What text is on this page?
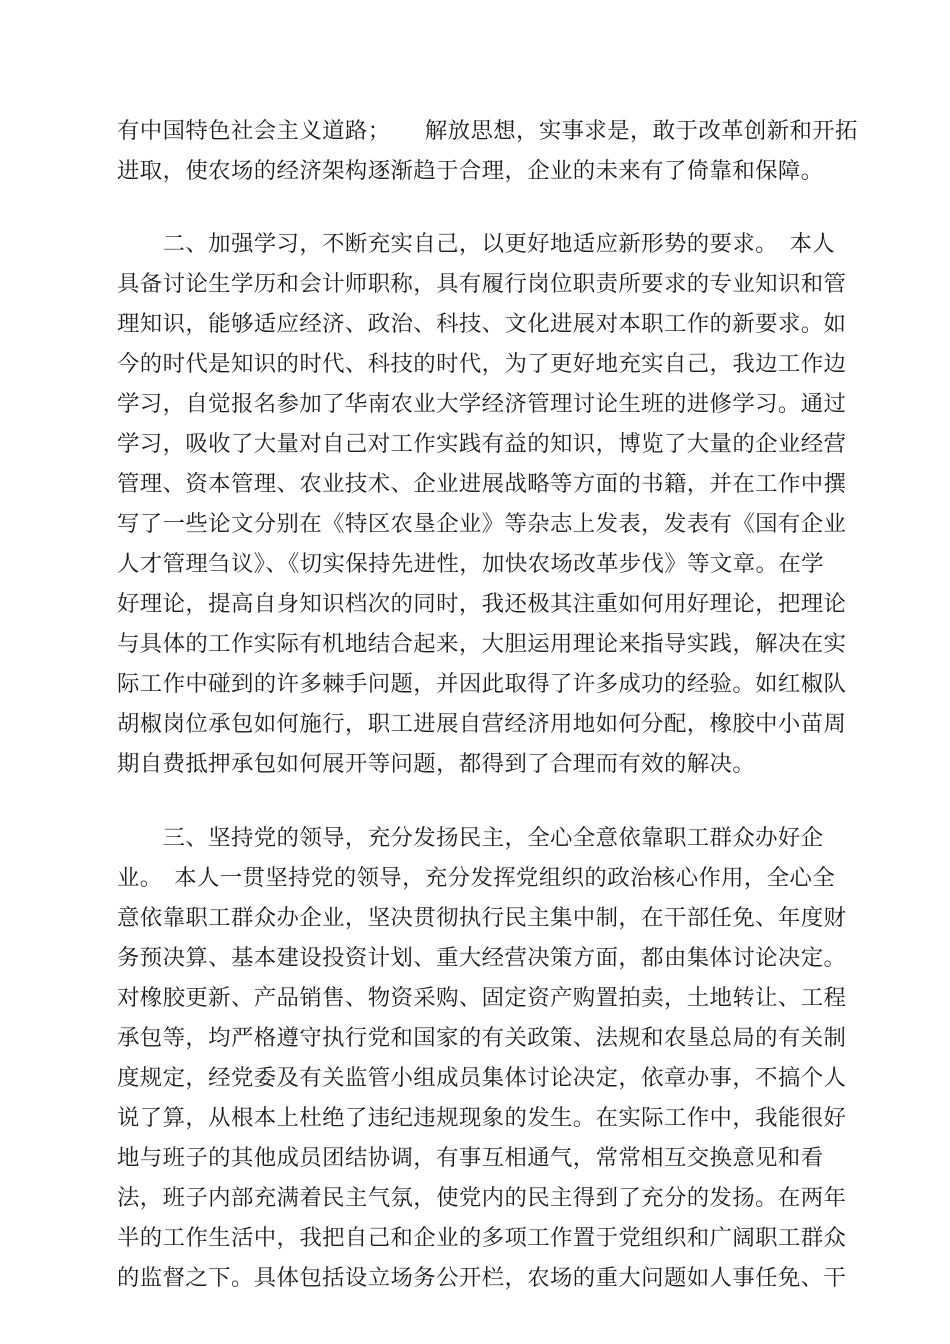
有中国特色社会主义道路；　　解放思想，实事求是，敢于改革创新和开拓
进取，使农场的经济架构逐渐趋于合理，企业的未来有了倚靠和保障。
　　二、加强学习，不断充实自己，以更好地适应新形势的要求。　本人
具备讨论生学历和会计师职称，具有履行岗位职责所要求的专业知识和管
理知识，能够适应经济、政治、科技、文化进展对本职工作的新要求。如
今的时代是知识的时代、科技的时代，为了更好地充实自己，我边工作边
学习，自觉报名参加了华南农业大学经济管理讨论生班的进修学习。通过
学习，吸收了大量对自己对工作实践有益的知识，博览了大量的企业经营
管理、资本管理、农业技术、企业进展战略等方面的书籍，并在工作中撰
写了一些论文分别在《特区农垦企业》等杂志上发表，发表有《国有企业
人才管理刍议》、《切实保持先进性，加快农场改革步伐》等文章。在学
好理论，提高自身知识档次的同时，我还极其注重如何用好理论，把理论
与具体的工作实际有机地结合起来，大胆运用理论来指导实践，解决在实
际工作中碰到的许多棘手问题，并因此取得了许多成功的经验。如红椒队
胡椒岗位承包如何施行，职工进展自营经济用地如何分配，橡胶中小苗周
期自费抵押承包如何展开等问题，都得到了合理而有效的解决。
　　三、坚持党的领导，充分发扬民主，全心全意依靠职工群众办好企
业。　本人一贯坚持党的领导，充分发挥党组织的政治核心作用，全心全
意依靠职工群众办企业，坚决贯彻执行民主集中制，在干部任免、年度财
务预决算、基本建设投资计划、重大经营决策方面，都由集体讨论决定。
对橡胶更新、产品销售、物资采购、固定资产购置拍卖，土地转让、工程
承包等，均严格遵守执行党和国家的有关政策、法规和农垦总局的有关制
度规定，经党委及有关监管小组成员集体讨论决定，依章办事，不搞个人
说了算，从根本上杜绝了违纪违规现象的发生。在实际工作中，我能很好
地与班子的其他成员团结协调，有事互相通气，常常相互交换意见和看
法，班子内部充满着民主气氛，使党内的民主得到了充分的发扬。在两年
半的工作生活中，我把自己和企业的多项工作置于党组织和广阔职工群众
的监督之下。具体包括设立场务公开栏，农场的重大问题如人事任免、干
